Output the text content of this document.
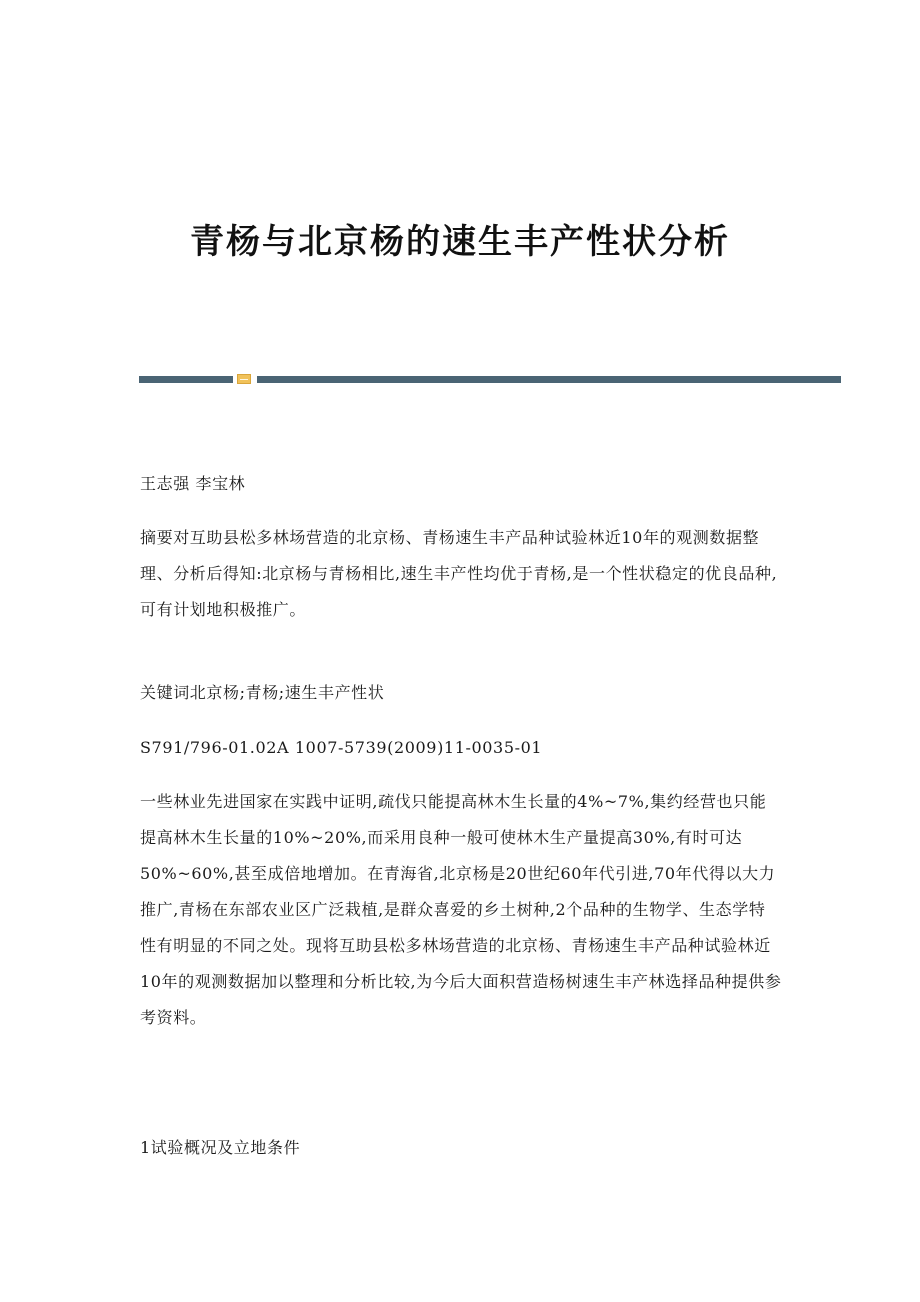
青杨与北京杨的速生丰产性状分析

王志强 李宝林

摘要对互助县松多林场营造的北京杨、青杨速生丰产品种试验林近10年的观测数据整理、分析后得知:北京杨与青杨相比,速生丰产性均优于青杨,是一个性状稳定的优良品种,可有计划地积极推广。

关键词北京杨;青杨;速生丰产性状

S791/796-01.02A 1007-5739(2009)11-0035-01

一些林业先进国家在实践中证明,疏伐只能提高林木生长量的4%~7%,集约经营也只能提高林木生长量的10%~20%,而采用良种一般可使林木生产量提高30%,有时可达50%~60%,甚至成倍地增加。在青海省,北京杨是20世纪60年代引进,70年代得以大力推广,青杨在东部农业区广泛栽植,是群众喜爱的乡土树种,2个品种的生物学、生态学特性有明显的不同之处。现将互助县松多林场营造的北京杨、青杨速生丰产品种试验林近10年的观测数据加以整理和分析比较,为今后大面积营造杨树速生丰产林选择品种提供参考资料。

1试验概况及立地条件
